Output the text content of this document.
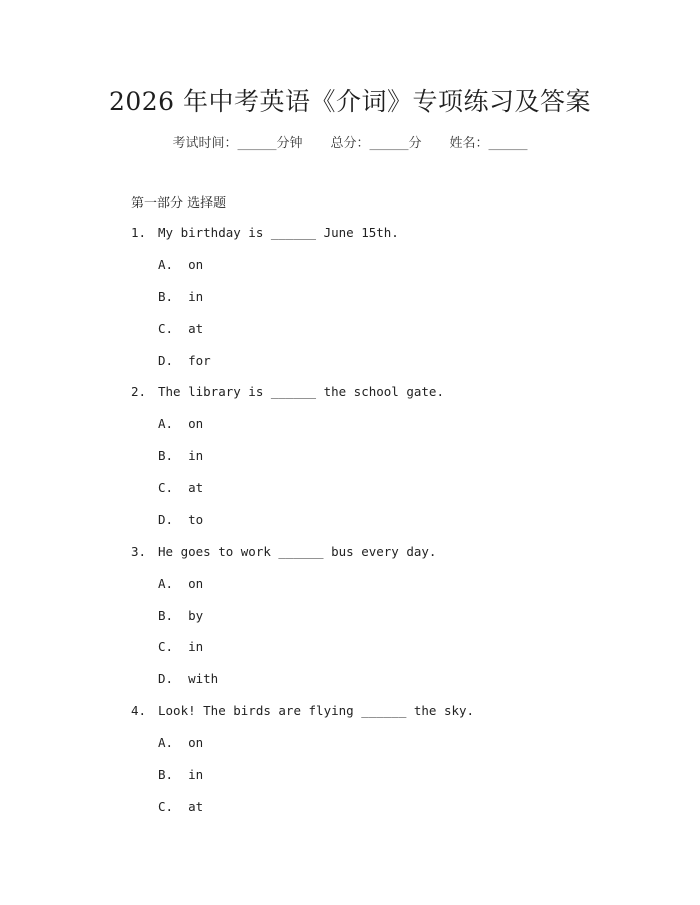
2026 年中考英语《介词》专项练习及答案
考试时间：______分钟 总分：______分 姓名：______
第一部分 选择题
1. My birthday is ______ June 15th.
A.  on
B.  in
C.  at
D.  for
2. The library is ______ the school gate.
A.  on
B.  in
C.  at
D.  to
3. He goes to work ______ bus every day.
A.  on
B.  by
C.  in
D.  with
4. Look! The birds are flying ______ the sky.
A.  on
B.  in
C.  at
